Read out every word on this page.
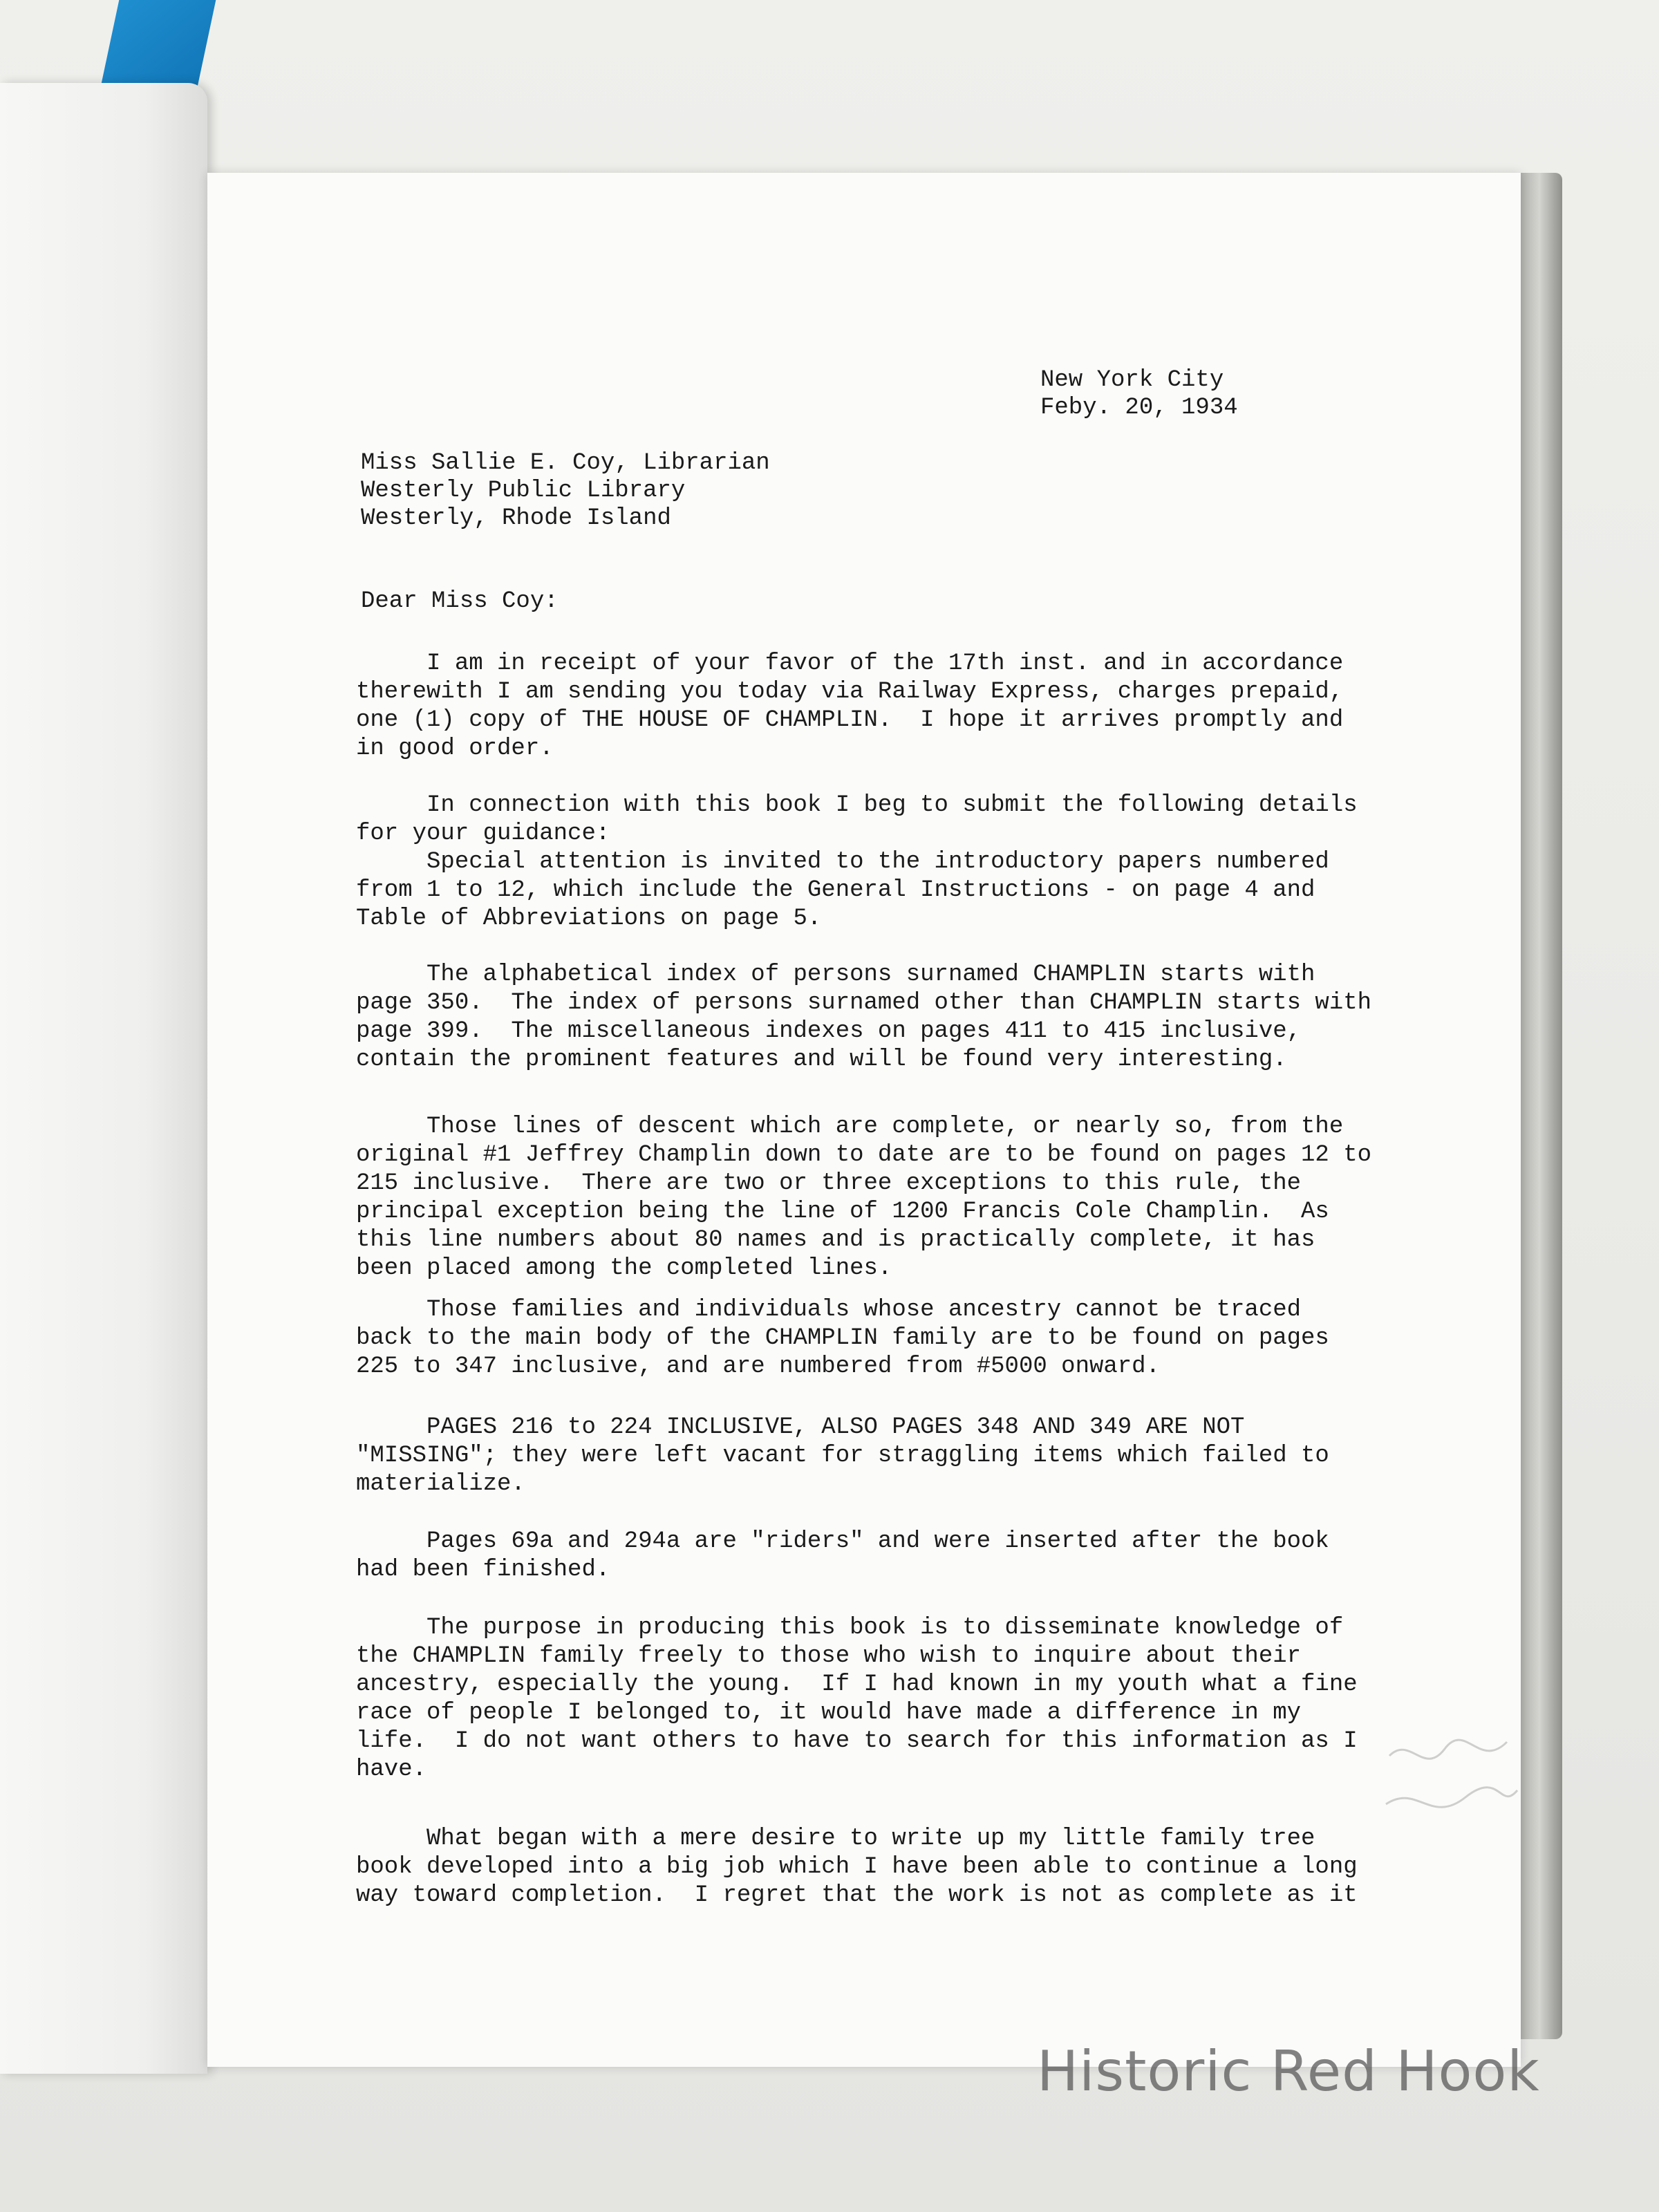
New York City
Feby. 20, 1934
Miss Sallie E. Coy, Librarian
Westerly Public Library
Westerly, Rhode Island
Dear Miss Coy:
I am in receipt of your favor of the 17th inst. and in accordance
therewith I am sending you today via Railway Express, charges prepaid,
one (1) copy of THE HOUSE OF CHAMPLIN.  I hope it arrives promptly and
in good order.
In connection with this book I beg to submit the following details
for your guidance:
Special attention is invited to the introductory papers numbered
from 1 to 12, which include the General Instructions - on page 4 and
Table of Abbreviations on page 5.
The alphabetical index of persons surnamed CHAMPLIN starts with
page 350.  The index of persons surnamed other than CHAMPLIN starts with
page 399.  The miscellaneous indexes on pages 411 to 415 inclusive,
contain the prominent features and will be found very interesting.
Those lines of descent which are complete, or nearly so, from the
original #1 Jeffrey Champlin down to date are to be found on pages 12 to
215 inclusive.  There are two or three exceptions to this rule, the
principal exception being the line of 1200 Francis Cole Champlin.  As
this line numbers about 80 names and is practically complete, it has
been placed among the completed lines.
Those families and individuals whose ancestry cannot be traced
back to the main body of the CHAMPLIN family are to be found on pages
225 to 347 inclusive, and are numbered from #5000 onward.
PAGES 216 to 224 INCLUSIVE, ALSO PAGES 348 AND 349 ARE NOT
"MISSING"; they were left vacant for straggling items which failed to
materialize.
Pages 69a and 294a are "riders" and were inserted after the book
had been finished.
The purpose in producing this book is to disseminate knowledge of
the CHAMPLIN family freely to those who wish to inquire about their
ancestry, especially the young.  If I had known in my youth what a fine
race of people I belonged to, it would have made a difference in my
life.  I do not want others to have to search for this information as I
have.
What began with a mere desire to write up my little family tree
book developed into a big job which I have been able to continue a long
way toward completion.  I regret that the work is not as complete as it
Historic Red Hook
